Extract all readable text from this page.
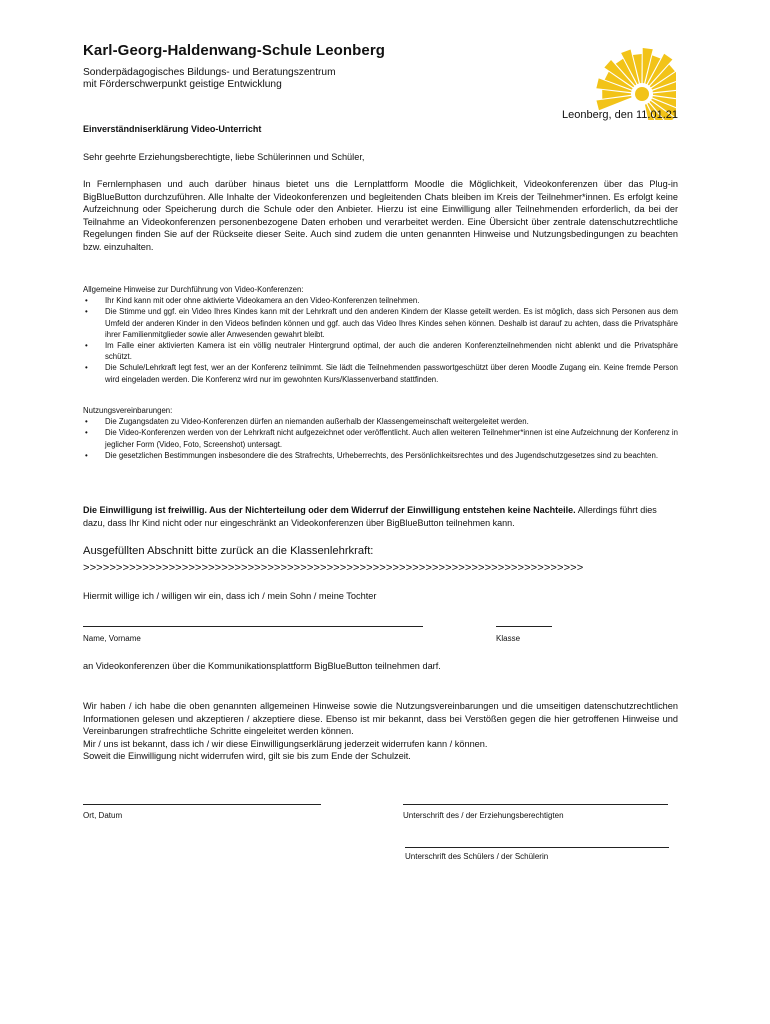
Karl-Georg-Haldenwang-Schule Leonberg
Sonderpädagogisches Bildungs- und Beratungszentrum
mit Förderschwerpunkt geistige Entwicklung
Leonberg, den 11.01.21
Einverständniserklärung Video-Unterricht
Sehr geehrte Erziehungsberechtigte, liebe Schülerinnen und Schüler,
In Fernlernphasen und auch darüber hinaus bietet uns die Lernplattform Moodle die Möglichkeit, Videokonferenzen über das Plug-in BigBlueButton durchzuführen. Alle Inhalte der Videokonferenzen und begleitenden Chats bleiben im Kreis der Teilnehmer*innen. Es erfolgt keine Aufzeichnung oder Speicherung durch die Schule oder den Anbieter. Hierzu ist eine Einwilligung aller Teilnehmenden erforderlich, da bei der Teilnahme an Videokonferenzen personenbezogene Daten erhoben und verarbeitet werden. Eine Übersicht über zentrale datenschutzrechtliche Regelungen finden Sie auf der Rückseite dieser Seite. Auch sind zudem die unten genannten Hinweise und Nutzungsbedingungen zu beachten bzw. einzuhalten.
Allgemeine Hinweise zur Durchführung von Video-Konferenzen:
• Ihr Kind kann mit oder ohne aktivierte Videokamera an den Video-Konferenzen teilnehmen.
• Die Stimme und ggf. ein Video Ihres Kindes kann mit der Lehrkraft und den anderen Kindern der Klasse geteilt werden. Es ist möglich, dass sich Personen aus dem Umfeld der anderen Kinder in den Videos befinden können und ggf. auch das Video Ihres Kindes sehen können. Deshalb ist darauf zu achten, dass die Privatsphäre ihrer Familienmitglieder sowie aller Anwesenden gewahrt bleibt.
• Im Falle einer aktivierten Kamera ist ein völlig neutraler Hintergrund optimal, der auch die anderen Konferenzteilnehmenden nicht ablenkt und die Privatsphäre schützt.
• Die Schule/Lehrkraft legt fest, wer an der Konferenz teilnimmt. Sie lädt die Teilnehmenden passwortgeschützt über deren Moodle Zugang ein. Keine fremde Person wird eingeladen werden. Die Konferenz wird nur im gewohnten Kurs/Klassenverband stattfinden.
Nutzungsvereinbarungen:
• Die Zugangsdaten zu Video-Konferenzen dürfen an niemanden außerhalb der Klassengemeinschaft weitergeleitet werden.
• Die Video-Konferenzen werden von der Lehrkraft nicht aufgezeichnet oder veröffentlicht. Auch allen weiteren Teilnehmer*innen ist eine Aufzeichnung der Konferenz in jeglicher Form (Video, Foto, Screenshot) untersagt.
• Die gesetzlichen Bestimmungen insbesondere die des Strafrechts, Urheberrechts, des Persönlichkeitsrechtes und des Jugendschutzgesetzes sind zu beachten.
Die Einwilligung ist freiwillig. Aus der Nichterteilung oder dem Widerruf der Einwilligung entstehen keine Nachteile. Allerdings führt dies dazu, dass Ihr Kind nicht oder nur eingeschränkt an Videokonferenzen über BigBlueButton teilnehmen kann.
Ausgefüllten Abschnitt bitte zurück an die Klassenlehrkraft:
>>>>>>>>>>>>>>>>>>>>>>>>>>>>>>>>>>>>>>>>>>>>>>>>>>>>>>>>>>>>>>>>>>>>>>>>>>>>
Hiermit willige ich / willigen wir ein, dass ich / mein Sohn / meine Tochter
Name, Vorname	Klasse
an Videokonferenzen über die Kommunikationsplattform BigBlueButton teilnehmen darf.
Wir haben / ich habe die oben genannten allgemeinen Hinweise sowie die Nutzungsvereinbarungen und die umseitigen datenschutzrechtlichen Informationen gelesen und akzeptieren / akzeptiere diese. Ebenso ist mir bekannt, dass bei Verstößen gegen die hier getroffenen Hinweise und Vereinbarungen strafrechtliche Schritte eingeleitet werden können.
Mir / uns ist bekannt, dass ich / wir diese Einwilligungserklärung jederzeit widerrufen kann / können.
Soweit die Einwilligung nicht widerrufen wird, gilt sie bis zum Ende der Schulzeit.
Ort, Datum	Unterschrift des / der Erziehungsberechtigten
Unterschrift des Schülers / der Schülerin
